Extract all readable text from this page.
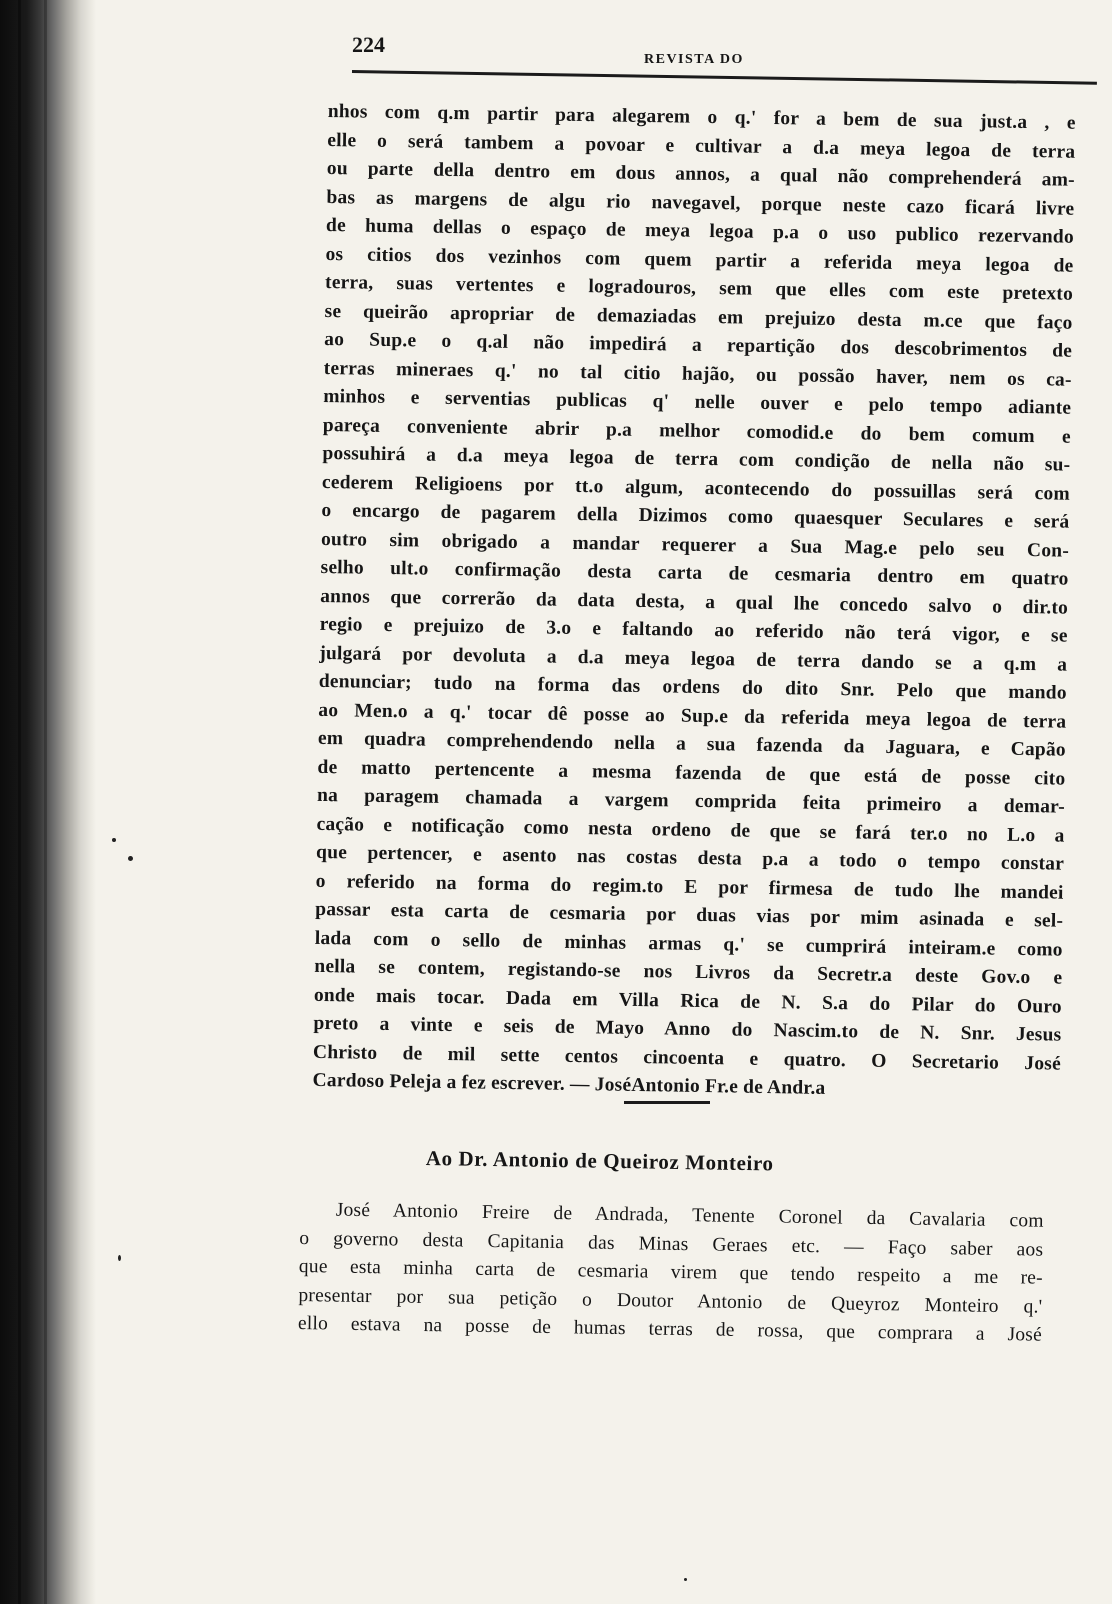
224
REVISTA DO
nhos com q.m partir para alegarem o q.' for a bem de sua just.a , e
elle o será tambem a povoar e cultivar a d.a meya legoa de terra
ou parte della dentro em dous annos, a qual não comprehenderá am-
bas as margens de algu rio navegavel, porque neste cazo ficará livre
de huma dellas o espaço de meya legoa p.a o uso publico rezervando
os citios dos vezinhos com quem partir a referida meya legoa de
terra, suas vertentes e logradouros, sem que elles com este pretexto
se queirão apropriar de demaziadas em prejuizo desta m.ce que faço
ao Sup.e o q.al não impedirá a repartição dos descobrimentos de
terras mineraes q.' no tal citio hajão, ou possão haver, nem os ca-
minhos e serventias publicas q' nelle ouver e pelo tempo adiante
pareça conveniente abrir p.a melhor comodid.e do bem comum e
possuhirá a d.a meya legoa de terra com condição de nella não su-
cederem Religioens por tt.o algum, acontecendo do possuillas será com
o encargo de pagarem della Dizimos como quaesquer Seculares e será
outro sim obrigado a mandar requerer a Sua Mag.e pelo seu Con-
selho ult.o confirmação desta carta de cesmaria dentro em quatro
annos que correrão da data desta, a qual lhe concedo salvo o dir.to
regio e prejuizo de 3.o e faltando ao referido não terá vigor, e se
julgará por devoluta a d.a meya legoa de terra dando se a q.m a
denunciar; tudo na forma das ordens do dito Snr. Pelo que mando
ao Men.o a q.' tocar dê posse ao Sup.e da referida meya legoa de terra
em quadra comprehendendo nella a sua fazenda da Jaguara, e Capão
de matto pertencente a mesma fazenda de que está de posse cito
na paragem chamada a vargem comprida feita primeiro a demar-
cação e notificação como nesta ordeno de que se fará ter.o no L.o a
que pertencer, e asento nas costas desta p.a a todo o tempo constar
o referido na forma do regim.to E por firmesa de tudo lhe mandei
passar esta carta de cesmaria por duas vias por mim asinada e sel-
lada com o sello de minhas armas q.' se cumprirá inteiram.e como
nella se contem, registando-se nos Livros da Secretr.a deste Gov.o e
onde mais tocar. Dada em Villa Rica de N. S.a do Pilar do Ouro
preto a vinte e seis de Mayo Anno do Nascim.to de N. Snr. Jesus
Christo de mil sette centos cincoenta e quatro. O Secretario José
Cardoso Peleja a fez escrever. — JoséAntonio Fr.e de Andr.a
Ao Dr. Antonio de Queiroz Monteiro
José Antonio Freire de Andrada, Tenente Coronel da Cavalaria com
o governo desta Capitania das Minas Geraes etc. — Faço saber aos
que esta minha carta de cesmaria virem que tendo respeito a me re-
presentar por sua petição o Doutor Antonio de Queyroz Monteiro q.'
ello estava na posse de humas terras de rossa, que comprara a José
